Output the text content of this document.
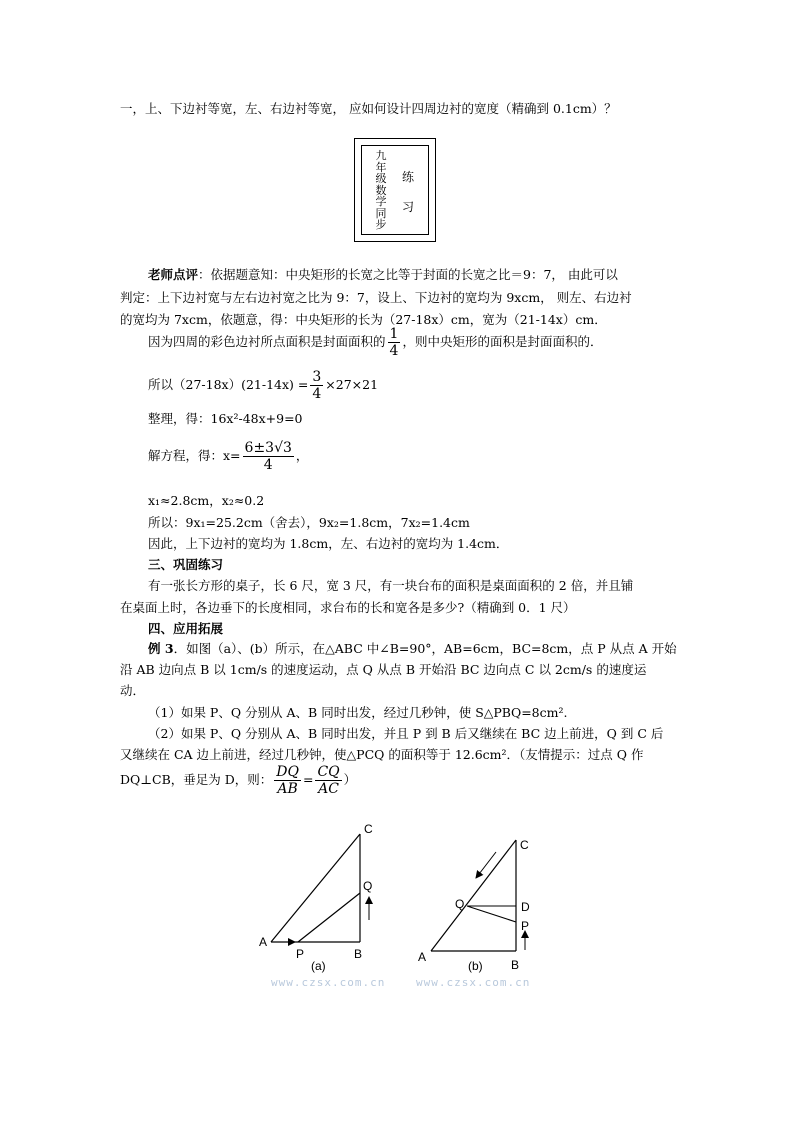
一，上、下边衬等宽，左、右边衬等宽， 应如何设计四周边衬的宽度（精确到 0.1cm）？
九年级数学同步
练
习
老师点评：依据题意知：中央矩形的长宽之比等于封面的长宽之比＝9：7， 由此可以
判定：上下边衬宽与左右边衬宽之比为 9：7，设上、下边衬的宽均为 9xcm， 则左、右边衬
的宽均为 7xcm，依题意，得：中央矩形的长为（27-18x）cm，宽为（21-14x）cm．
因为四周的彩色边衬所点面积是封面面积的 $\frac{1}{4}$ ，则中央矩形的面积是封面面积的．
所以$(27-18x)(21-14x) = \frac{3}{4} \times 27\times 21$
整理，得：16x²-48x+9=0
解方程，得：$x= \frac{6\pm 3√3}{4}$ ，
x₁≈2.8cm，x₂≈0.2
所以：9x₁=25.2cm（舍去），9x₂=1.8cm，7x₂=1.4cm
因此，上下边衬的宽均为 1.8cm，左、右边衬的宽均为 1.4cm．
三、巩固练习
有一张长方形的桌子，长 6 尺，宽 3 尺，有一块台布的面积是桌面面积的 2 倍，并且铺
在桌面上时，各边垂下的长度相同，求台布的长和宽各是多少?（精确到 0．1 尺）
四、应用拓展
例 3．如图（a）、(b）所示，在△ABC 中∠B=90°，AB=6cm，BC=8cm，点 P 从点 A 开始
沿 AB 边向点 B 以 1cm/s 的速度运动，点 Q 从点 B 开始沿 BC 边向点 C 以 2cm/s 的速度运
动．
（1）如果 P、Q 分别从 A、B 同时出发，经过几秒钟，使 S△PBQ=8cm².
（2）如果 P、Q 分别从 A、B 同时出发，并且 P 到 B 后又继续在 BC 边上前进，Q 到 C 后
又继续在 CA 边上前进，经过几秒钟，使△PCQ 的面积等于 12.6cm²．（友情提示：过点 Q 作
DQ⊥CB，垂足为 D，则： $\frac{DQ}{AB} = \frac{CQ}{AC}$ ）
A
P	B
C
Q
(a)
A
B
C
D
P
Q
(b)
www.czsx.com.cn	www.czsx.com.cn
